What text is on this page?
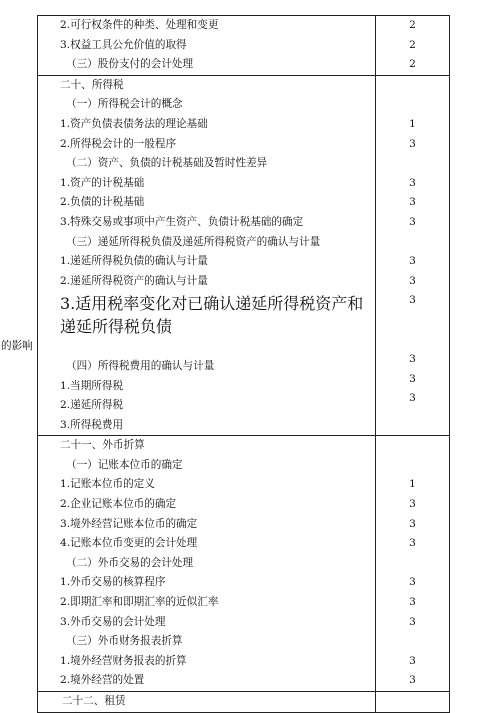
2.可行权条件的种类、处理和变更
3.权益工具公允价值的取得
（三）股份支付的会计处理
2
2
2
二十、所得税
（一）所得税会计的概念
1.资产负债表债务法的理论基础
2.所得税会计的一般程序
（二）资产、负债的计税基础及暂时性差异
1.资产的计税基础
2.负债的计税基础
3.特殊交易或事项中产生资产、负债计税基础的确定
（三）递延所得税负债及递延所得税资产的确认与计量
1.递延所得税负债的确认与计量
2.递延所得税资产的确认与计量
3.适用税率变化对已确认递延所得税资产和递延所得税负债
的影响
（四）所得税费用的确认与计量
1.当期所得税
2.递延所得税
3.所得税费用
1
3
3
3
3
3
3
3
3
3
3
二十一、外币折算
（一）记账本位币的确定
1.记账本位币的定义
2.企业记账本位币的确定
3.境外经营记账本位币的确定
4.记账本位币变更的会计处理
（二）外币交易的会计处理
1.外币交易的核算程序
2.即期汇率和即期汇率的近似汇率
3.外币交易的会计处理
（三）外币财务报表折算
1.境外经营财务报表的折算
2.境外经营的处置
1
3
3
3
3
3
3
3
3
二十二、租赁
